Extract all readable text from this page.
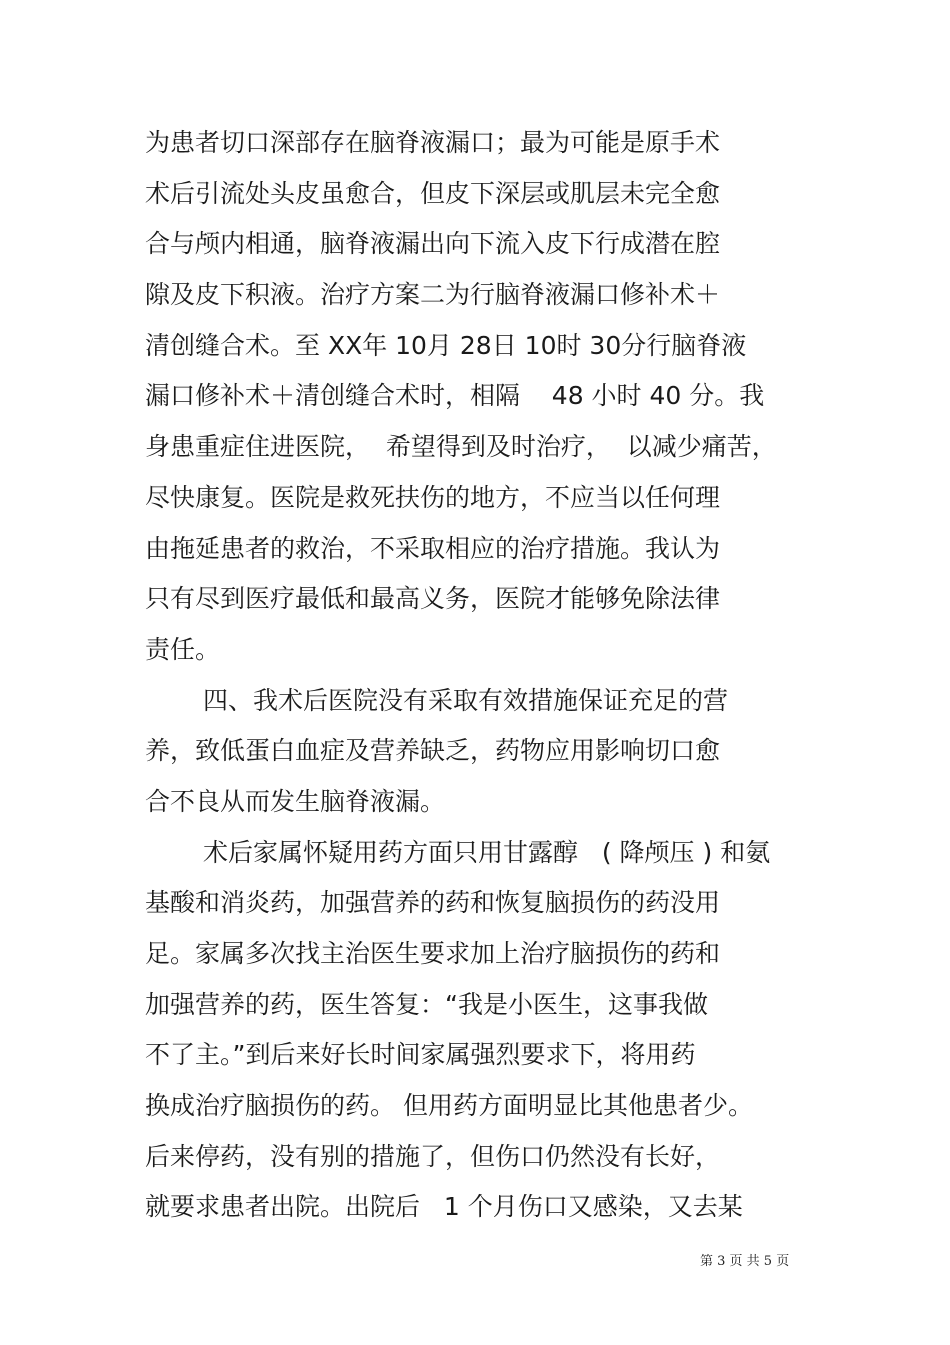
为患者切口深部存在脑脊液漏口；最为可能是原手术
术后引流处头皮虽愈合，但皮下深层或肌层未完全愈
合与颅内相通，脑脊液漏出向下流入皮下行成潜在腔
隙及皮下积液。治疗方案二为行脑脊液漏口修补术＋
清创缝合术。至 XX年 10月 28日 10时 30分行脑脊液
漏口修补术＋清创缝合术时，相隔    48 小时 40 分。我
身患重症住进医院，  希望得到及时治疗，  以减少痛苦，
尽快康复。医院是救死扶伤的地方，不应当以任何理
由拖延患者的救治，不采取相应的治疗措施。我认为
只有尽到医疗最低和最高义务，医院才能够免除法律
责任。
四、我术后医院没有采取有效措施保证充足的营
养，致低蛋白血症及营养缺乏，药物应用影响切口愈
合不良从而发生脑脊液漏。
术后家属怀疑用药方面只用甘露醇   ( 降颅压 ) 和氨
基酸和消炎药，加强营养的药和恢复脑损伤的药没用
足。家属多次找主治医生要求加上治疗脑损伤的药和
加强营养的药，医生答复：“我是小医生，这事我做
不了主。”到后来好长时间家属强烈要求下，将用药
换成治疗脑损伤的药。 但用药方面明显比其他患者少。
后来停药，没有别的措施了，但伤口仍然没有长好，
就要求患者出院。出院后   1 个月伤口又感染，又去某
第 3 页 共 5 页
